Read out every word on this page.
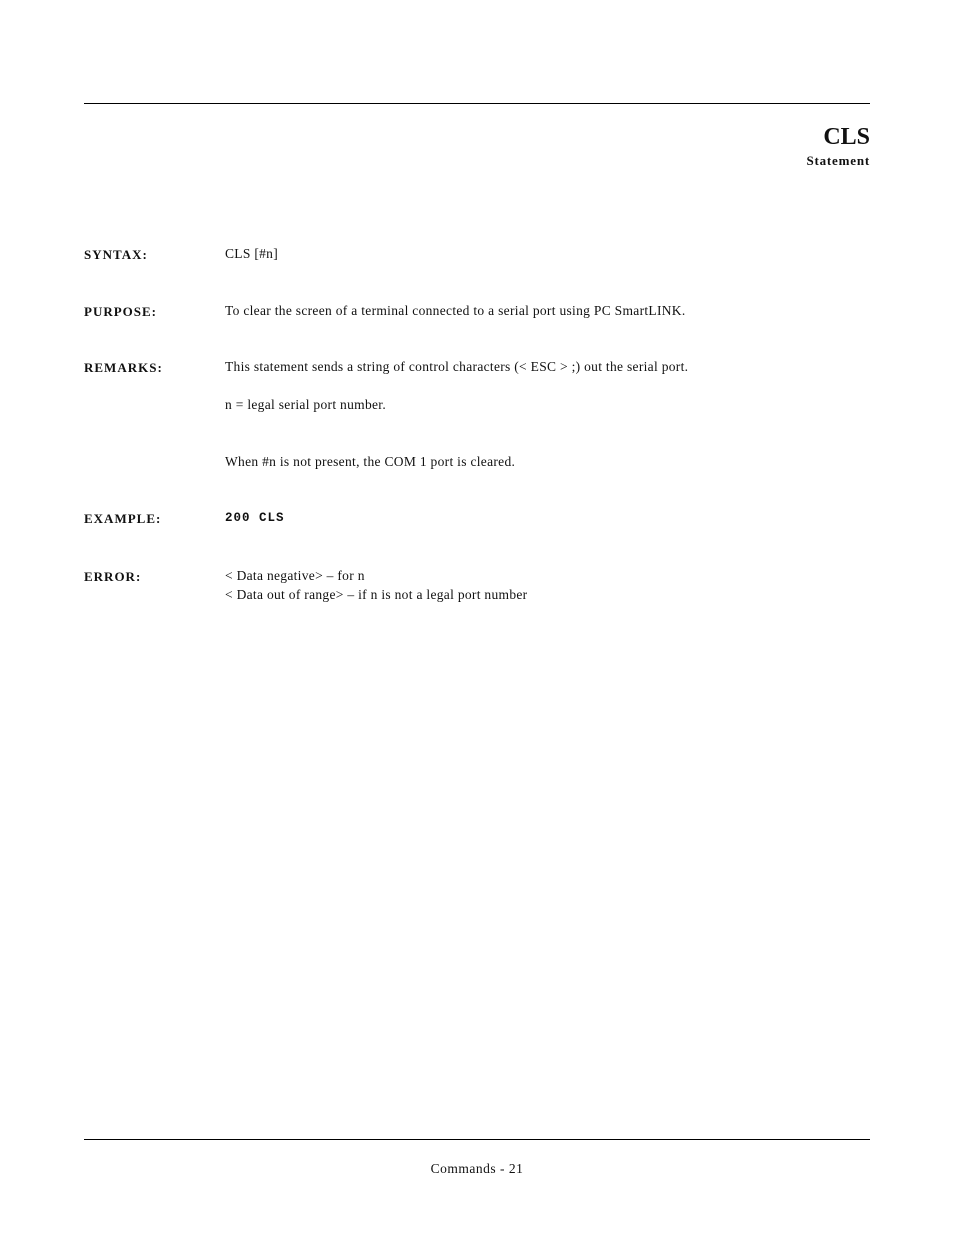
CLS
Statement
SYNTAX:	CLS [#n]
PURPOSE:	To clear the screen of a terminal connected to a serial port using PC SmartLINK.
REMARKS:	This statement sends a string of control characters (< ESC > ;) out the serial port.
n = legal serial port number.
When #n is not present, the COM 1 port is cleared.
EXAMPLE:	200 CLS
ERROR:	< Data negative> – for n
< Data out of range> – if n is not a legal port number
Commands - 21
